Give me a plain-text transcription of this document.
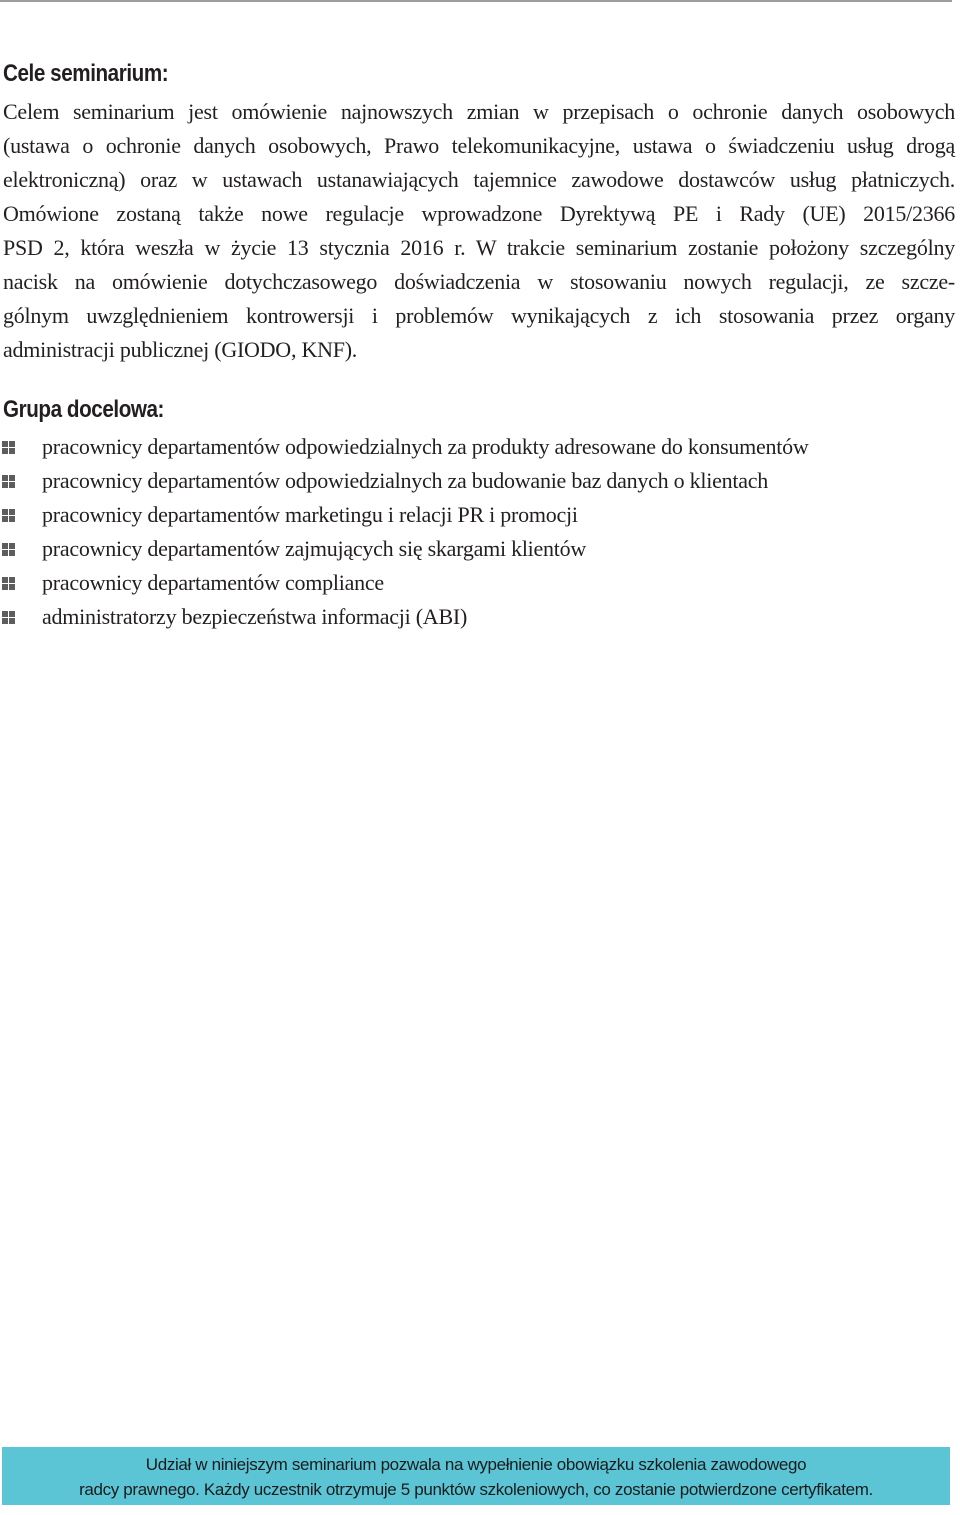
Cele seminarium:

Celem seminarium jest omówienie najnowszych zmian w przepisach o ochronie danych osobowych
(ustawa o ochronie danych osobowych, Prawo telekomunikacyjne, ustawa o świadczeniu usług drogą
elektroniczną) oraz w ustawach ustanawiających tajemnice zawodowe dostawców usług płatniczych.
Omówione zostaną także nowe regulacje wprowadzone Dyrektywą PE i Rady (UE) 2015/2366
PSD 2, która weszła w życie 13 stycznia 2016 r. W trakcie seminarium zostanie położony szczególny
nacisk na omówienie dotychczasowego doświadczenia w stosowaniu nowych regulacji, ze szcze-
gólnym uwzględnieniem kontrowersji i problemów wynikających z ich stosowania przez organy
administracji publicznej (GIODO, KNF).

Grupa docelowa:
pracownicy departamentów odpowiedzialnych za produkty adresowane do konsumentów
pracownicy departamentów odpowiedzialnych za budowanie baz danych o klientach
pracownicy departamentów marketingu i relacji PR i promocji
pracownicy departamentów zajmujących się skargami klientów
pracownicy departamentów compliance
administratorzy bezpieczeństwa informacji (ABI)
Udział w niniejszym seminarium pozwala na wypełnienie obowiązku szkolenia zawodowego
radcy prawnego. Każdy uczestnik otrzymuje 5 punktów szkoleniowych, co zostanie potwierdzone certyfikatem.
